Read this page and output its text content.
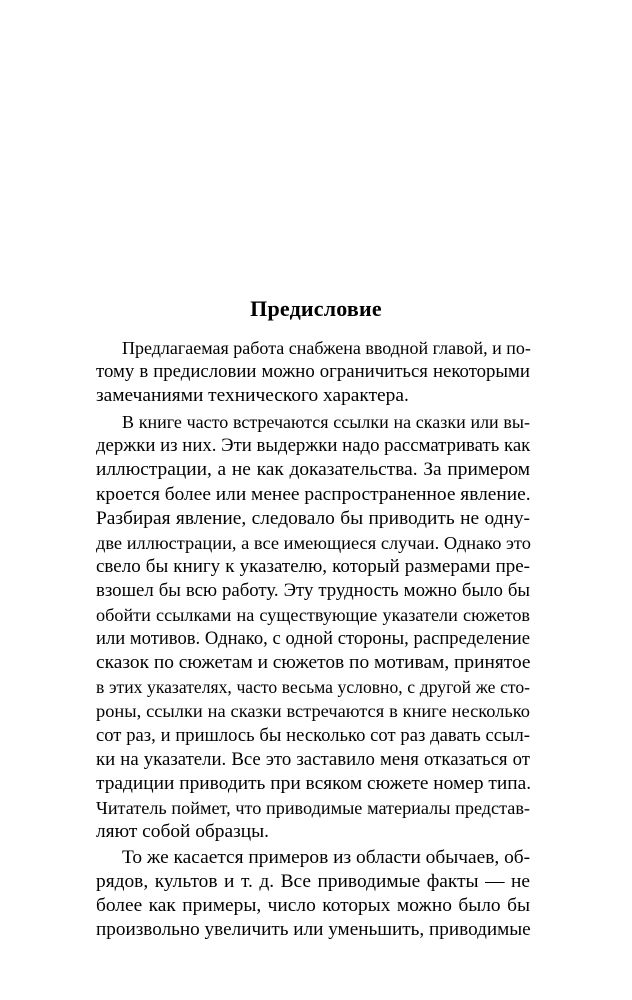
Предисловие
Предлагаемая работа снабжена вводной главой, и по-
тому в предисловии можно ограничиться некоторыми
замечаниями технического характера.
В книге часто встречаются ссылки на сказки или вы-
держки из них. Эти выдержки надо рассматривать как
иллюстрации, а не как доказательства. За примером
кроется более или менее распространенное явление.
Разбирая явление, следовало бы приводить не одну-
две иллюстрации, а все имеющиеся случаи. Однако это
свело бы книгу к указателю, который размерами пре-
взошел бы всю работу. Эту трудность можно было бы
обойти ссылками на существующие указатели сюжетов
или мотивов. Однако, с одной стороны, распределение
сказок по сюжетам и сюжетов по мотивам, принятое
в этих указателях, часто весьма условно, с другой же сто-
роны, ссылки на сказки встречаются в книге несколько
сот раз, и пришлось бы несколько сот раз давать ссыл-
ки на указатели. Все это заставило меня отказаться от
традиции приводить при всяком сюжете номер типа.
Читатель поймет, что приводимые материалы представ-
ляют собой образцы.
То же касается примеров из области обычаев, об-
рядов, культов и т. д. Все приводимые факты — не
более как примеры, число которых можно было бы
произвольно увеличить или уменьшить, приводимые
